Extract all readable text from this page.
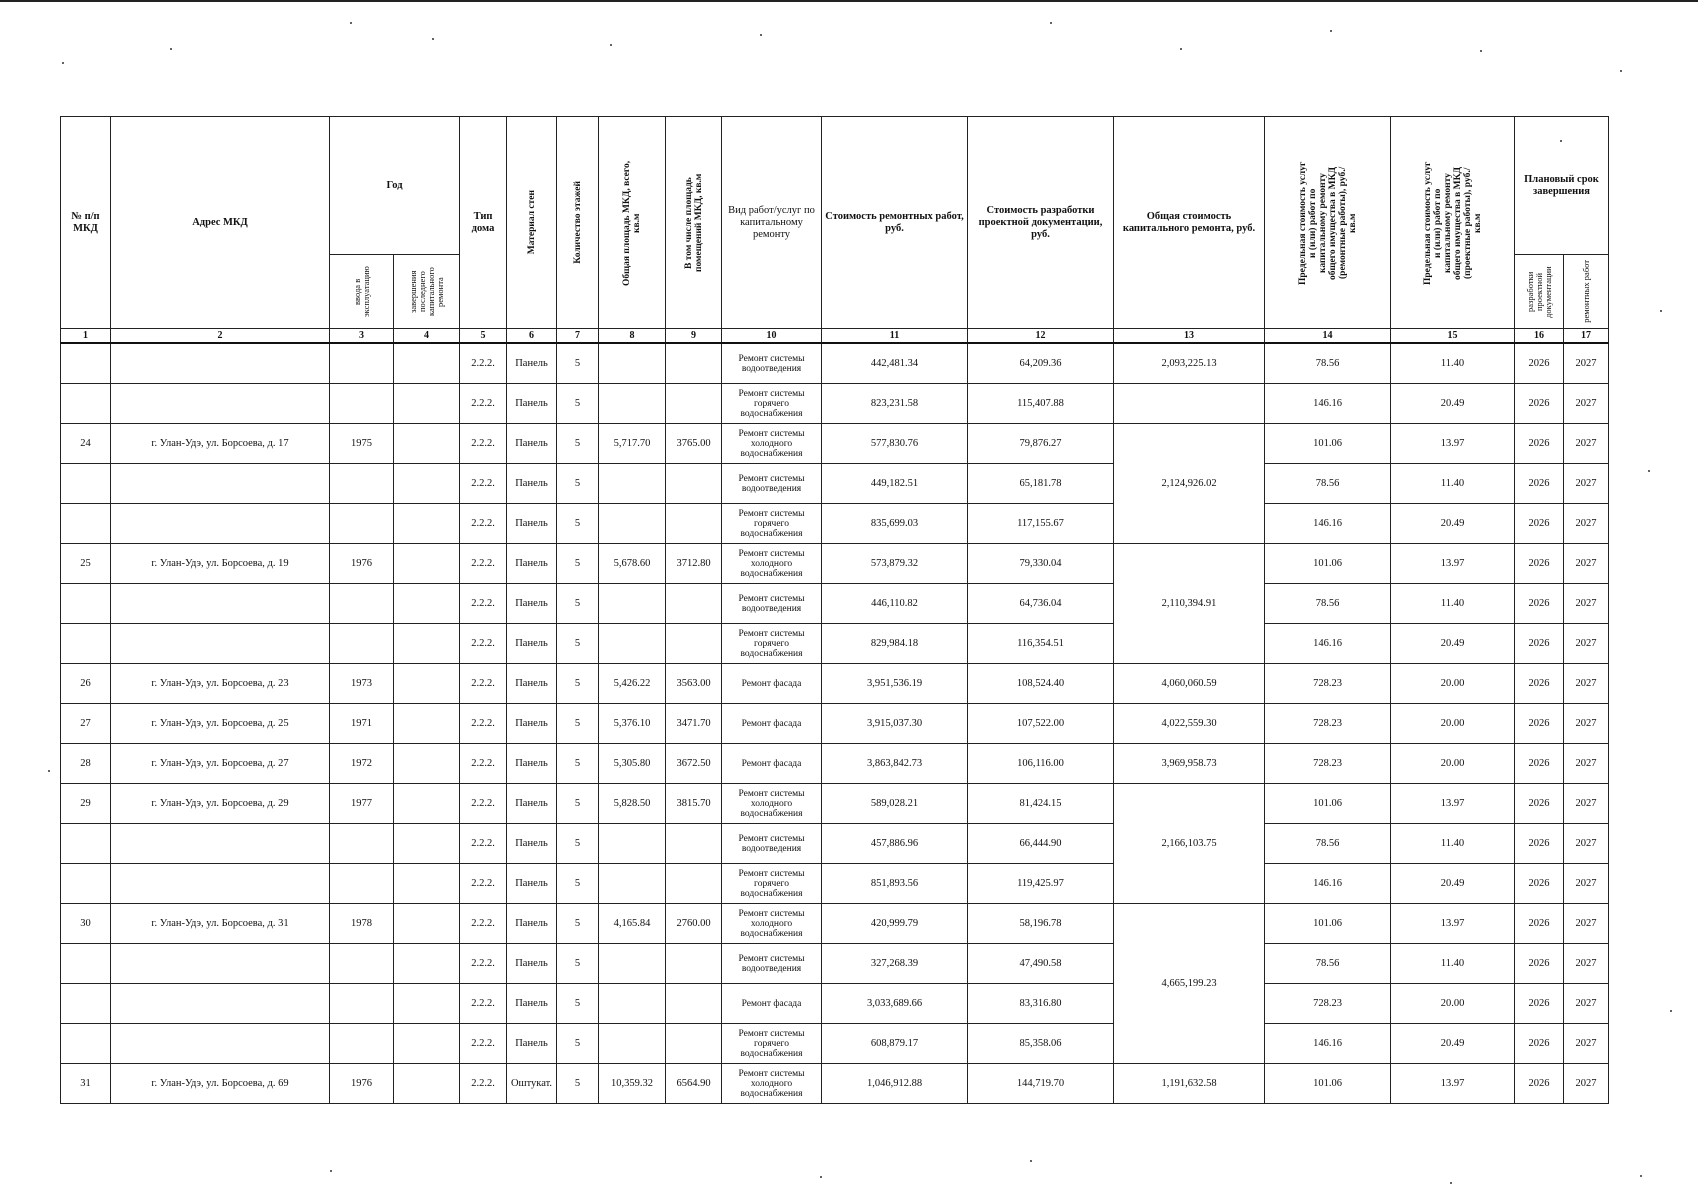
№ п/п МКД	Адрес МКД	Год		Тип дома	Материал стен	Количество этажей	Общая площадь МКД, всего, кв.м	В том числе площадь помещений МКД, кв.м	Вид работ/услуг по капитальному ремонту	Стоимость ремонтных работ, руб.	Стоимость разработки проектной документации, руб.	Общая стоимость капитального ремонта, руб.	Предельная стоимость услуг и (или) работ по капитальному ремонту общего имущества в МКД (ремонтные работы), руб./кв.м	Предельная стоимость услуг и (или) работ по капитальному ремонту общего имущества в МКД (проектные работы), руб./кв.м	Плановый срок завершения	

		ввода в эксплуатацию	завершения последнего капитального ремонта												разработки проектной документации	ремонтных работ

1	2	3	4	5	6	7	8	9	10	11	12	13	14	15	16	17
				2.2.2.	Панель	5			Ремонт системы водоотведения	442,481.34	64,209.36	2,093,225.13	78.56	11.40	2026	2027
				2.2.2.	Панель	5			Ремонт системы горячего водоснабжения	823,231.58	115,407.88		146.16	20.49	2026	2027
24	г. Улан-Удэ, ул. Борсоева, д. 17	1975		2.2.2.	Панель	5	5,717.70	3765.00	Ремонт системы холодного водоснабжения	577,830.76	79,876.27	2,124,926.02	101.06	13.97	2026	2027
				2.2.2.	Панель	5			Ремонт системы водоотведения	449,182.51	65,181.78		78.56	11.40	2026	2027
				2.2.2.	Панель	5			Ремонт системы горячего водоснабжения	835,699.03	117,155.67		146.16	20.49	2026	2027
25	г. Улан-Удэ, ул. Борсоева, д. 19	1976		2.2.2.	Панель	5	5,678.60	3712.80	Ремонт системы холодного водоснабжения	573,879.32	79,330.04	2,110,394.91	101.06	13.97	2026	2027
				2.2.2.	Панель	5			Ремонт системы водоотведения	446,110.82	64,736.04		78.56	11.40	2026	2027
				2.2.2.	Панель	5			Ремонт системы горячего водоснабжения	829,984.18	116,354.51		146.16	20.49	2026	2027
26	г. Улан-Удэ, ул. Борсоева, д. 23	1973		2.2.2.	Панель	5	5,426.22	3563.00	Ремонт фасада	3,951,536.19	108,524.40	4,060,060.59	728.23	20.00	2026	2027
27	г. Улан-Удэ, ул. Борсоева, д. 25	1971		2.2.2.	Панель	5	5,376.10	3471.70	Ремонт фасада	3,915,037.30	107,522.00	4,022,559.30	728.23	20.00	2026	2027
28	г. Улан-Удэ, ул. Борсоева, д. 27	1972		2.2.2.	Панель	5	5,305.80	3672.50	Ремонт фасада	3,863,842.73	106,116.00	3,969,958.73	728.23	20.00	2026	2027
29	г. Улан-Удэ, ул. Борсоева, д. 29	1977		2.2.2.	Панель	5	5,828.50	3815.70	Ремонт системы холодного водоснабжения	589,028.21	81,424.15	2,166,103.75	101.06	13.97	2026	2027
				2.2.2.	Панель	5			Ремонт системы водоотведения	457,886.96	66,444.90		78.56	11.40	2026	2027
				2.2.2.	Панель	5			Ремонт системы горячего водоснабжения	851,893.56	119,425.97		146.16	20.49	2026	2027
30	г. Улан-Удэ, ул. Борсоева, д. 31	1978		2.2.2.	Панель	5	4,165.84	2760.00	Ремонт системы холодного водоснабжения	420,999.79	58,196.78	4,665,199.23	101.06	13.97	2026	2027
				2.2.2.	Панель	5			Ремонт системы водоотведения	327,268.39	47,490.58		78.56	11.40	2026	2027
				2.2.2.	Панель	5			Ремонт фасада	3,033,689.66	83,316.80		728.23	20.00	2026	2027
				2.2.2.	Панель	5			Ремонт системы горячего водоснабжения	608,879.17	85,358.06		146.16	20.49	2026	2027
31	г. Улан-Удэ, ул. Борсоева, д. 69	1976		2.2.2.	Оштукат.	5	10,359.32	6564.90	Ремонт системы холодного водоснабжения	1,046,912.88	144,719.70	1,191,632.58	101.06	13.97	2026	2027
